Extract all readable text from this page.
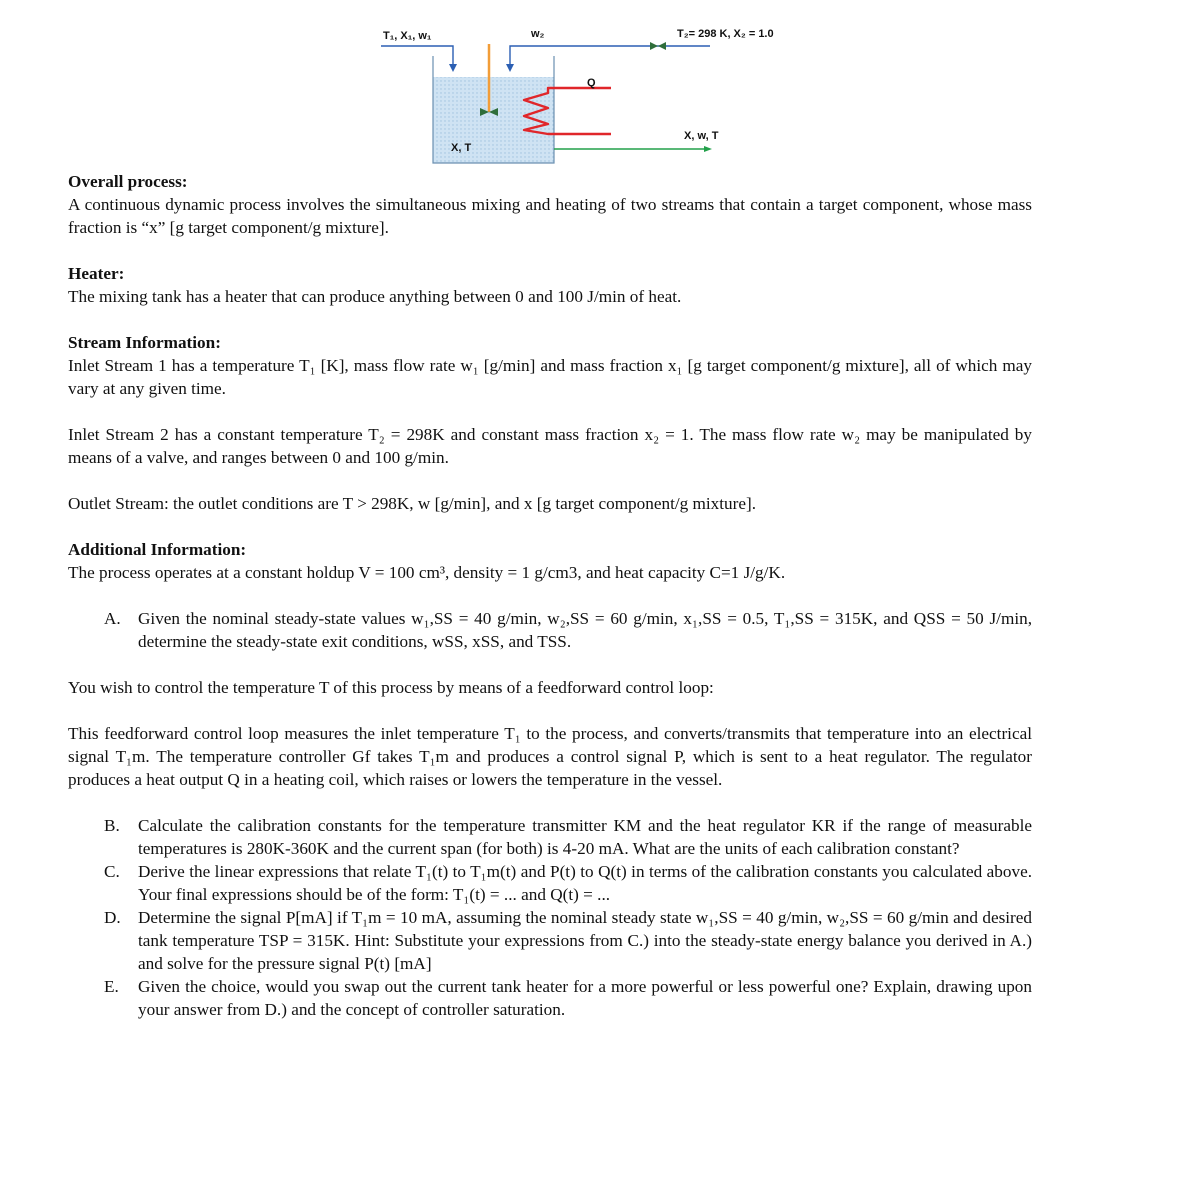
T₁, X₁, w₁	w₂	T₂= 298 K, X₂ = 1.0
Q
X, w, T
X, T

Overall process:

A continuous dynamic process involves the simultaneous mixing and heating of two streams that contain a target component, whose mass fraction is “x” [g target component/g mixture].

Heater:

The mixing tank has a heater that can produce anything between 0 and 100 J/min of heat.

Stream Information:

Inlet Stream 1 has a temperature T₁ [K], mass flow rate w₁ [g/min] and mass fraction x₁ [g target component/g mixture], all of which may vary at any given time.

Inlet Stream 2 has a constant temperature T₂ = 298K and constant mass fraction x₂ = 1. The mass flow rate w₂ may be manipulated by means of a valve, and ranges between 0 and 100 g/min.

Outlet Stream: the outlet conditions are T > 298K, w [g/min], and x [g target component/g mixture].

Additional Information:

The process operates at a constant holdup V = 100 cm³, density = 1 g/cm3, and heat capacity C=1 J/g/K.

A. Given the nominal steady-state values w₁,SS = 40 g/min, w₂,SS = 60 g/min, x₁,SS = 0.5, T₁,SS = 315K, and QSS = 50 J/min, determine the steady-state exit conditions, wSS, xSS, and TSS.

You wish to control the temperature T of this process by means of a feedforward control loop:

This feedforward control loop measures the inlet temperature T₁ to the process, and converts/transmits that temperature into an electrical signal T₁m. The temperature controller Gf takes T₁m and produces a control signal P, which is sent to a heat regulator. The regulator produces a heat output Q in a heating coil, which raises or lowers the temperature in the vessel.

B. Calculate the calibration constants for the temperature transmitter KM and the heat regulator KR if the range of measurable temperatures is 280K-360K and the current span (for both) is 4-20 mA. What are the units of each calibration constant?
C. Derive the linear expressions that relate T₁(t) to T₁m(t) and P(t) to Q(t) in terms of the calibration constants you calculated above. Your final expressions should be of the form: T₁(t) = ... and Q(t) = ...
D. Determine the signal P[mA] if T₁m = 10 mA, assuming the nominal steady state w₁,SS = 40 g/min, w₂,SS = 60 g/min and desired tank temperature TSP = 315K. Hint: Substitute your expressions from C.) into the steady-state energy balance you derived in A.) and solve for the pressure signal P(t) [mA]
E. Given the choice, would you swap out the current tank heater for a more powerful or less powerful one? Explain, drawing upon your answer from D.) and the concept of controller saturation.
